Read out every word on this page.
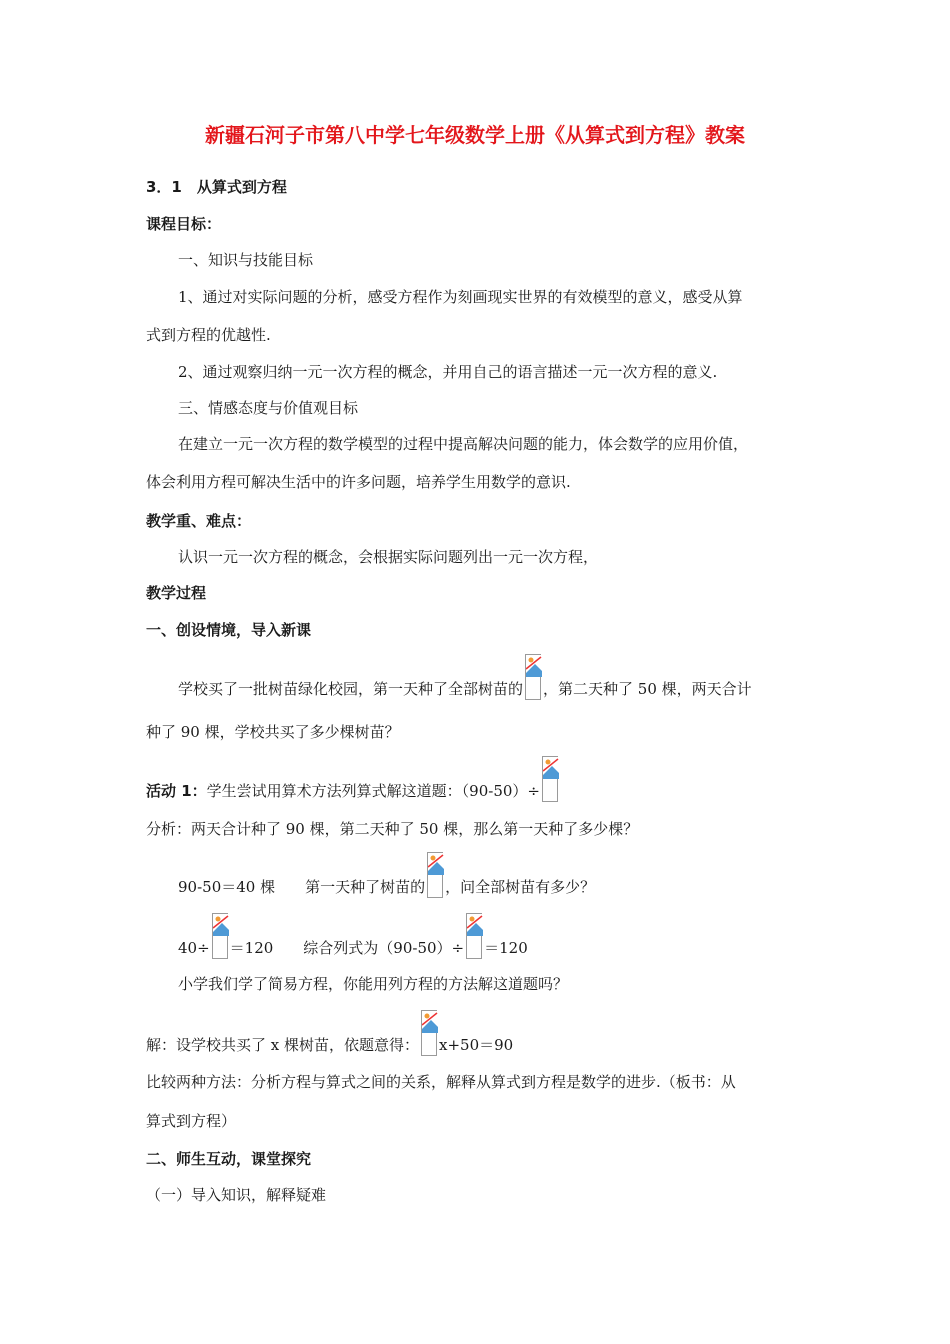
新疆石河子市第八中学七年级数学上册《从算式到方程》教案
3．1　从算式到方程
课程目标：
一、知识与技能目标
1、通过对实际问题的分析，感受方程作为刻画现实世界的有效模型的意义，感受从算
式到方程的优越性.
2、通过观察归纳一元一次方程的概念，并用自己的语言描述一元一次方程的意义.
三、情感态度与价值观目标
在建立一元一次方程的数学模型的过程中提高解决问题的能力，体会数学的应用价值，
体会利用方程可解决生活中的许多问题，培养学生用数学的意识.
教学重、难点：
认识一元一次方程的概念，会根据实际问题列出一元一次方程，
教学过程
一、创设情境，导入新课
学校买了一批树苗绿化校园，第一天种了全部树苗的 ，第二天种了 50 棵，两天合计
种了 90 棵，学校共买了多少棵树苗？
活动 1： 学生尝试用算术方法列算式解这道题：（90-50）÷
分析：两天合计种了 90 棵，第二天种了 50 棵，那么第一天种了多少棵？
90-50＝40 棵　　第一天种了树苗的 ，问全部树苗有多少？
40÷ ＝120　　综合列式为（90-50）÷ ＝120
小学我们学了简易方程，你能用列方程的方法解这道题吗？
解：设学校共买了 x 棵树苗，依题意得： x+50＝90
比较两种方法：分析方程与算式之间的关系，解释从算式到方程是数学的进步.（板书：从
算式到方程）
二、师生互动，课堂探究
（一）导入知识，解释疑难
